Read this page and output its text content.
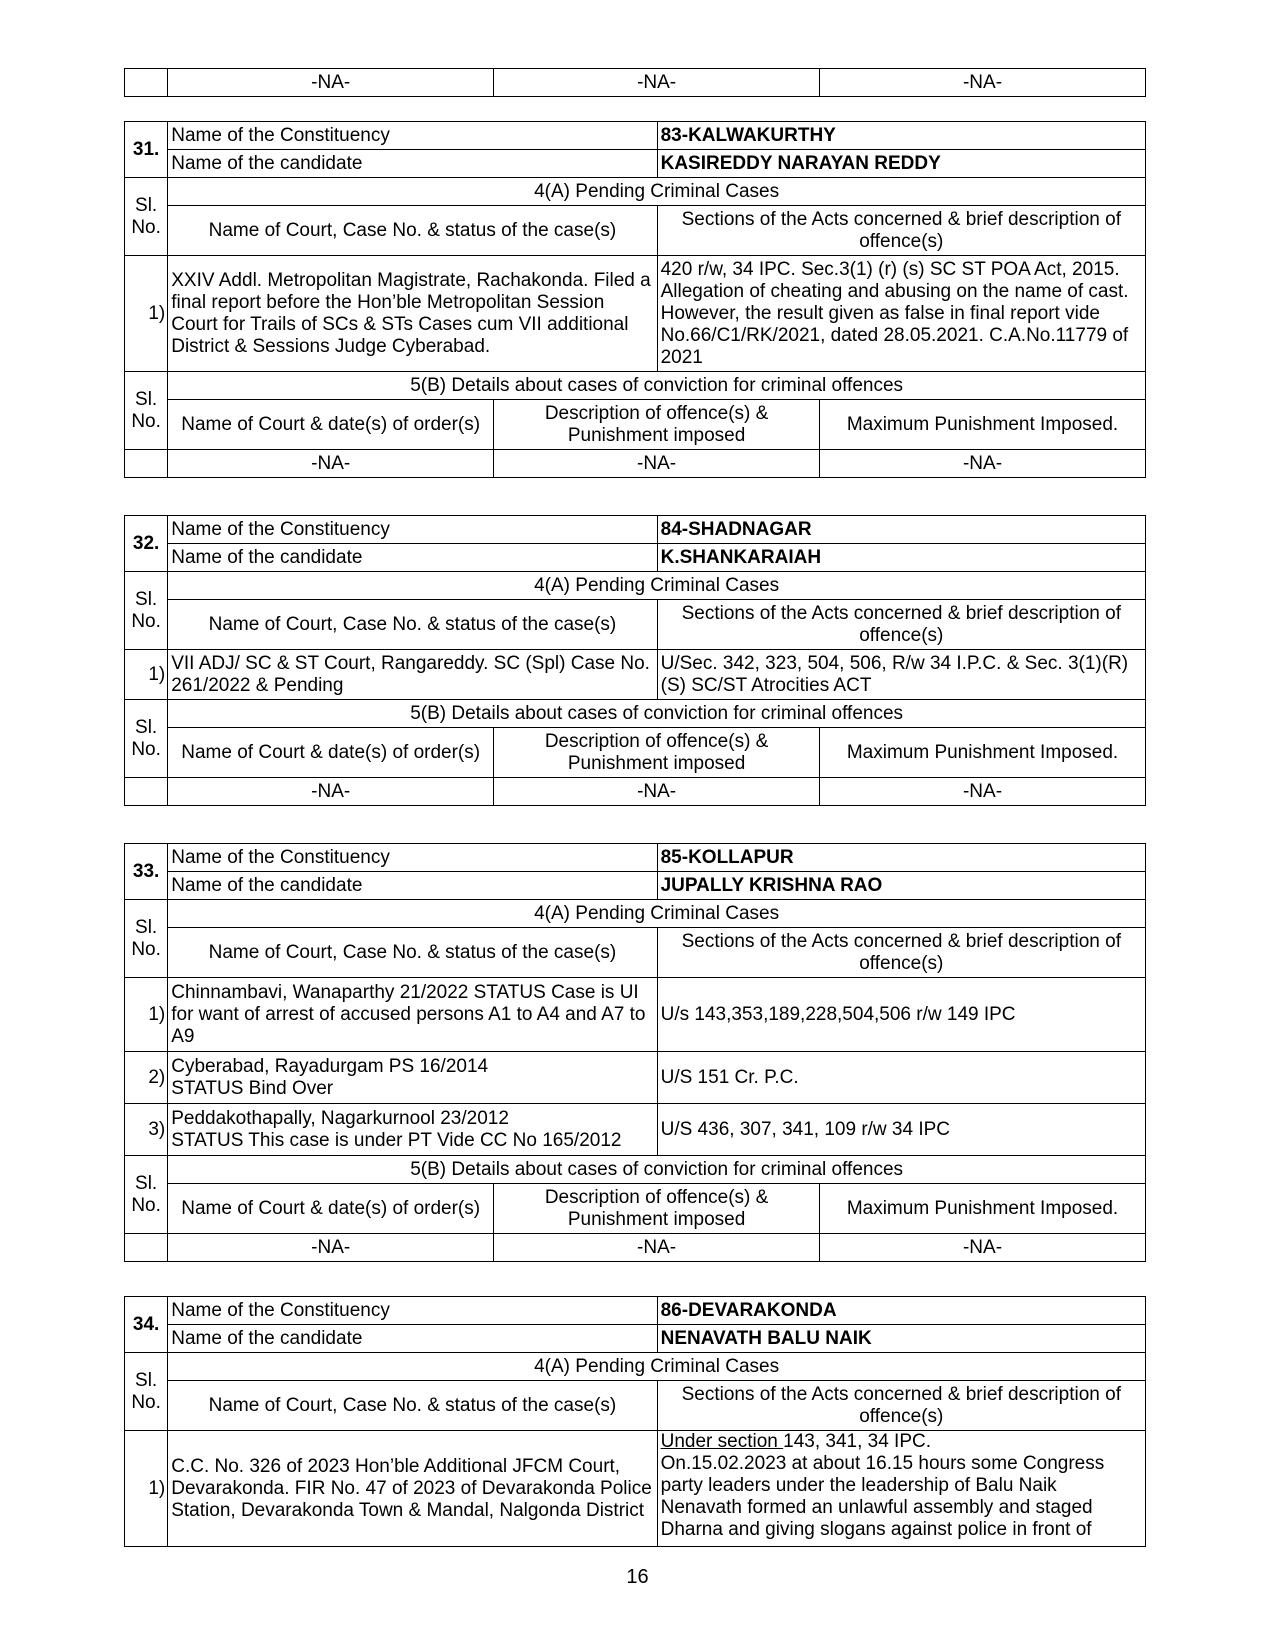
	-NA-	-NA-	-NA-
31.	Name of the Constituency		83-KALWAKURTHY	
	Name of the candidate		KASIREDDY NARAYAN REDDY	
Sl. No.	4(A) Pending Criminal Cases			
	Name of Court, Case No. & status of the case(s)		Sections of the Acts concerned & brief description of offence(s)	
1)	XXIV Addl. Metropolitan Magistrate, Rachakonda. Filed a final report before the Hon’ble Metropolitan Session Court for Trails of SCs & STs Cases cum VII additional District & Sessions Judge Cyberabad.		420 r/w, 34 IPC. Sec.3(1) (r) (s) SC ST POA Act, 2015. Allegation of cheating and abusing on the name of cast. However, the result given as false in final report vide No.66/C1/RK/2021, dated 28.05.2021. C.A.No.11779 of 2021	
Sl. No.	5(B) Details about cases of conviction for criminal offences			
	Name of Court & date(s) of order(s)	Description of offence(s) & Punishment imposed		Maximum Punishment Imposed.
	-NA-	-NA-		-NA-
32.	Name of the Constituency		84-SHADNAGAR	
	Name of the candidate		K.SHANKARAIAH	
Sl. No.	4(A) Pending Criminal Cases			
	Name of Court, Case No. & status of the case(s)		Sections of the Acts concerned & brief description of offence(s)	
1)	VII ADJ/ SC & ST Court, Rangareddy. SC (Spl) Case No. 261/2022 & Pending		U/Sec. 342, 323, 504, 506, R/w 34 I.P.C. & Sec. 3(1)(R)(S) SC/ST Atrocities ACT	
Sl. No.	5(B) Details about cases of conviction for criminal offences			
	Name of Court & date(s) of order(s)	Description of offence(s) & Punishment imposed		Maximum Punishment Imposed.
	-NA-	-NA-		-NA-
33.	Name of the Constituency		85-KOLLAPUR	
	Name of the candidate		JUPALLY KRISHNA RAO	
Sl. No.	4(A) Pending Criminal Cases			
	Name of Court, Case No. & status of the case(s)		Sections of the Acts concerned & brief description of offence(s)	
1)	Chinnambavi, Wanaparthy 21/2022 STATUS Case is UI for want of arrest of accused persons A1 to A4 and A7 to A9		U/s 143,353,189,228,504,506 r/w 149 IPC	
2)	Cyberabad, Rayadurgam PS 16/2014
STATUS Bind Over		U/S 151 Cr. P.C.	
3)	Peddakothapally, Nagarkurnool 23/2012
STATUS This case is under PT Vide CC No 165/2012		U/S 436, 307, 341, 109 r/w 34 IPC	
Sl. No.	5(B) Details about cases of conviction for criminal offences			
	Name of Court & date(s) of order(s)	Description of offence(s) & Punishment imposed		Maximum Punishment Imposed.
	-NA-	-NA-		-NA-
34.	Name of the Constituency	86-DEVARAKONDA
	Name of the candidate	NENAVATH BALU NAIK
Sl. No.	4(A) Pending Criminal Cases	
	Name of Court, Case No. & status of the case(s)	Sections of the Acts concerned & brief description of offence(s)
1)	C.C. No. 326 of 2023 Hon’ble Additional JFCM Court, Devarakonda. FIR No. 47 of 2023 of Devarakonda Police Station, Devarakonda Town & Mandal, Nalgonda District	Under section 143, 341, 34 IPC.
On.15.02.2023 at about 16.15 hours some Congress party leaders under the leadership of Balu Naik Nenavath formed an unlawful assembly and staged Dharna and giving slogans against police in front of
16
